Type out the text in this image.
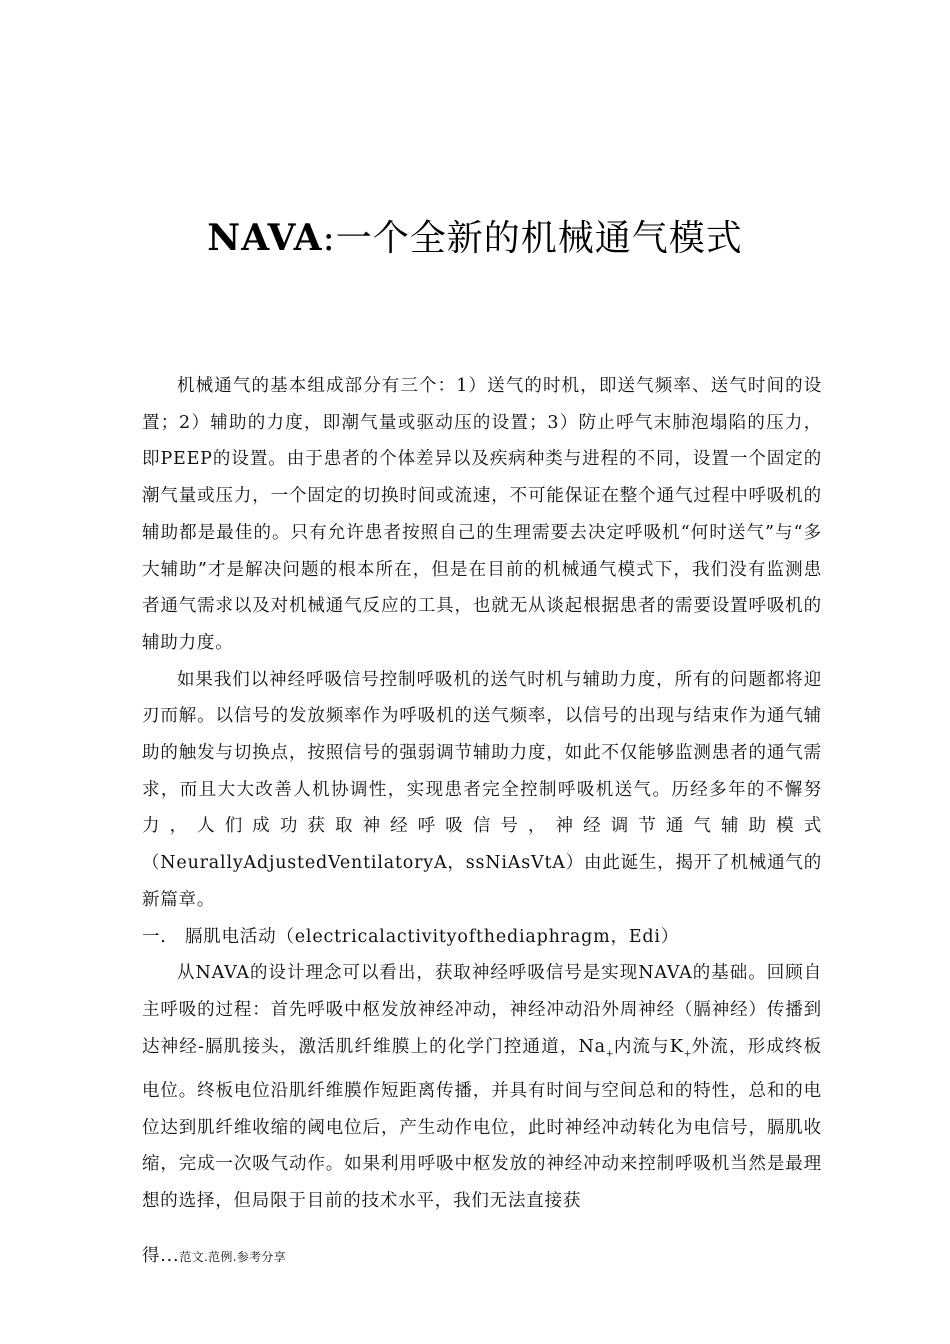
NAVA:一个全新的机械通气模式

机械通气的基本组成部分有三个：1）送气的时机，即送气频率、送气时间的设置；2）辅助的力度，即潮气量或驱动压的设置；3）防止呼气末肺泡塌陷的压力，即PEEP的设置。由于患者的个体差异以及疾病种类与进程的不同，设置一个固定的潮气量或压力，一个固定的切换时间或流速，不可能保证在整个通气过程中呼吸机的辅助都是最佳的。只有允许患者按照自己的生理需要去决定呼吸机“何时送气”与“多大辅助”才是解决问题的根本所在，但是在目前的机械通气模式下，我们没有监测患者通气需求以及对机械通气反应的工具，也就无从谈起根据患者的需要设置呼吸机的辅助力度。

如果我们以神经呼吸信号控制呼吸机的送气时机与辅助力度，所有的问题都将迎刃而解。以信号的发放频率作为呼吸机的送气频率，以信号的出现与结束作为通气辅助的触发与切换点，按照信号的强弱调节辅助力度，如此不仅能够监测患者的通气需求，而且大大改善人机协调性，实现患者完全控制呼吸机送气。历经多年的不懈努力，人们成功获取神经呼吸信号，神经调节通气辅助模式（NeurallyAdjustedVentilatoryA，ssNiAsVtA）由此诞生，揭开了机械通气的新篇章。

一.　膈肌电活动（electricalactivityofthediaphragm，Edi）

从NAVA的设计理念可以看出，获取神经呼吸信号是实现NAVA的基础。回顾自主呼吸的过程：首先呼吸中枢发放神经冲动，神经冲动沿外周神经（膈神经）传播到达神经-膈肌接头，激活肌纤维膜上的化学门控通道，$Na_+$内流与$K_+$外流，形成终板电位。终板电位沿肌纤维膜作短距离传播，并具有时间与空间总和的特性，总和的电位达到肌纤维收缩的阈电位后，产生动作电位，此时神经冲动转化为电信号，膈肌收缩，完成一次吸气动作。如果利用呼吸中枢发放的神经冲动来控制呼吸机当然是最理想的选择，但局限于目前的技术水平，我们无法直接获

得...范文.范例.参考分享
